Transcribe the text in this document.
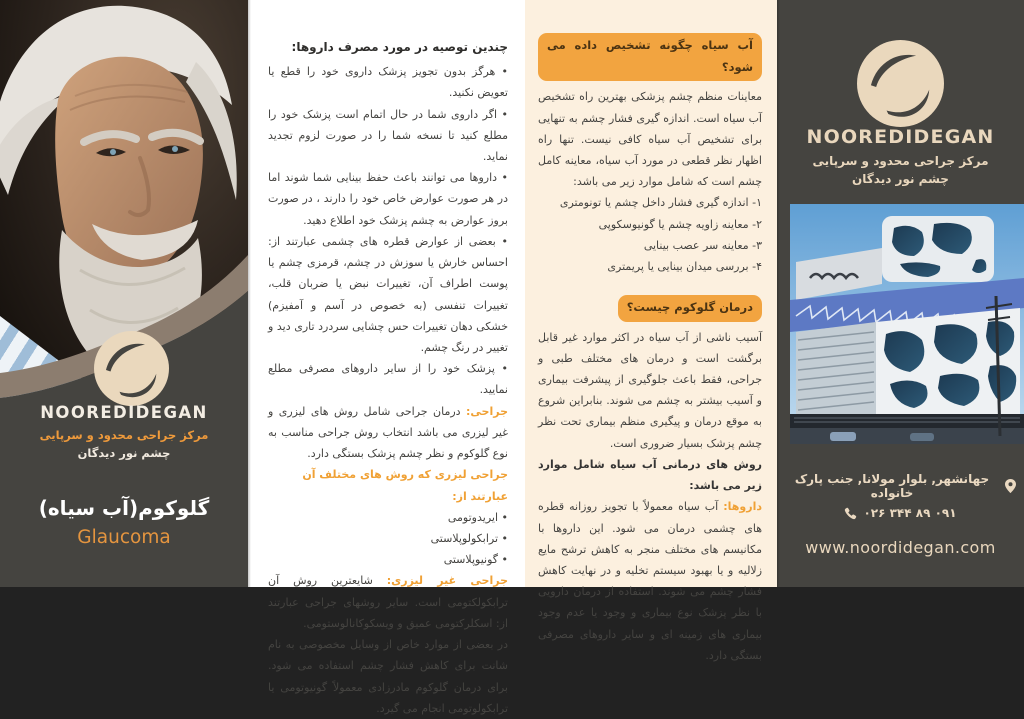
NOOREDIDEGAN
مرکز جراحی محدود و سرپایی
چشم نور دیدگان
گلوکوم(آب سیاه)
Glaucoma

چندین توصیه در مورد مصرف داروها:

• هرگز بدون تجویز پزشک داروی خود را قطع یا تعویض نکنید.

• اگر داروی شما در حال اتمام است پزشک خود را مطلع کنید تا نسخه شما را در صورت لزوم تجدید نماید.

• داروها می توانند باعث حفظ بینایی شما شوند اما در هر صورت عوارض خاص خود را دارند ، در صورت بروز عوارض به چشم پزشک خود اطلاع دهید.

• بعضی از عوارض قطره های چشمی عبارتند از: احساس خارش یا سوزش در چشم، قرمزی چشم یا پوست اطراف آن، تغییرات نبض یا ضربان قلب، تغییرات تنفسی (به خصوص در آسم و آمفیزم) خشکی دهان تغییرات حس چشایی سردرد تاری دید و تغییر در رنگ چشم.

• پزشک خود را از سایر داروهای مصرفی مطلع نمایید.

جراحی: درمان جراحی شامل روش های لیزری و غیر لیزری می باشد انتخاب روش جراحی مناسب به نوع گلوکوم و نظر چشم پزشک بستگی دارد.

جراحی لیزری که روش های مختلف آن عبارتند از:

• ایریدوتومی

• ترابکولوپلاستی

• گونیوپلاستی

جراحی غیر لیزری: شایعترین روش آن ترابکولکتومی است. سایر روشهای جراحی عبارتند از: اسکلرکتومی عمیق و ویسکوکانالوستومی.

در بعضی از موارد خاص از وسایل مخصوصی به نام شانت برای کاهش فشار چشم استفاده می شود. برای درمان گلوکوم مادرزادی معمولاً گونیوتومی یا ترابکولوتومی انجام می گیرد.

آب سیاه چگونه تشخیص داده می شود؟

معاینات منظم چشم پزشکی بهترین راه تشخیص آب سیاه است. اندازه گیری فشار چشم به تنهایی برای تشخیص آب سیاه کافی نیست. تنها راه اظهار نظر قطعی در مورد آب سیاه، معاینه کامل چشم است که شامل موارد زیر می باشد:

۱- اندازه گیری فشار داخل چشم یا تونومتری

۲- معاینه زاویه چشم یا گونیوسکوپی

۳- معاینه سر عصب بینایی

۴- بررسی میدان بینایی یا پریمتری

درمان گلوکوم چیست؟

آسیب ناشی از آب سیاه در اکثر موارد غیر قابل برگشت است و درمان های مختلف طبی و جراحی، فقط باعث جلوگیری از پیشرفت بیماری و آسیب بیشتر به چشم می شوند. بنابراین شروع به موقع درمان و پیگیری منظم بیماری تحت نظر چشم پزشک بسیار ضروری است.

روش های درمانی آب سیاه شامل موارد زیر می باشد:

داروها: آب سیاه معمولاً با تجویز روزانه قطره های چشمی درمان می شود. این داروها با مکانیسم های مختلف منجر به کاهش ترشح مایع زلالیه و یا بهبود سیستم تخلیه و در نهایت کاهش فشار چشم می شوند. استفاده از درمان دارویی با نظر پزشک نوع بیماری و وجود یا عدم وجود بیماری های زمینه ای و سایر داروهای مصرفی بستگی دارد.

NOOREDIDEGAN
مرکز جراحی محدود و سرپایی
چشم نور دیدگان
جهانشهر, بلوار مولانا, جنب پارک خانواده
۰۲۶ ۳۴۴ ۸۹ ۰۹۱
www.noordidegan.com
